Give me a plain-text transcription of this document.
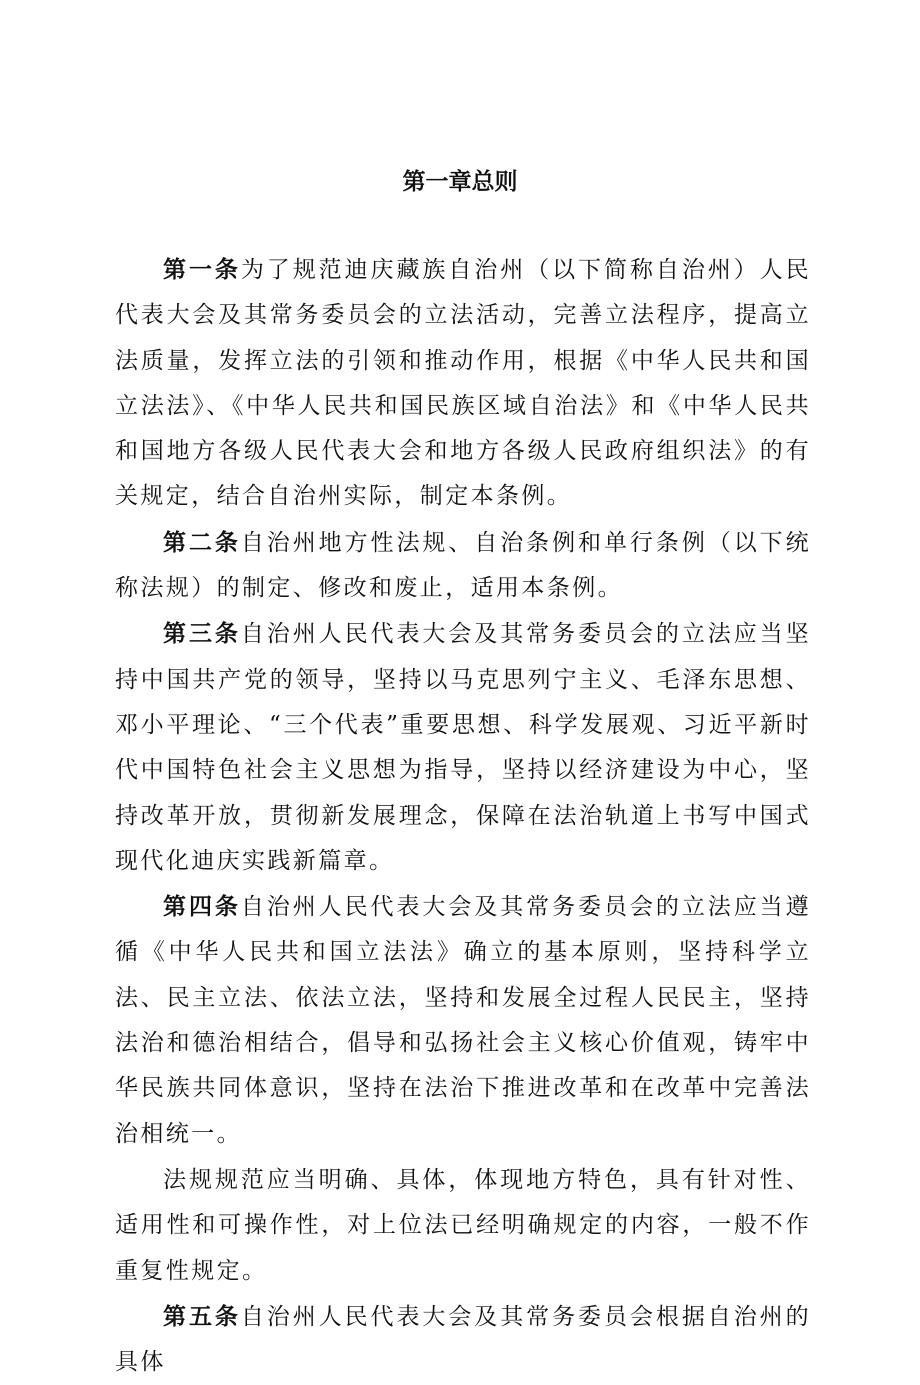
第一章总则

第一条为了规范迪庆藏族自治州（以下简称自治州）人民代表大会及其常务委员会的立法活动，完善立法程序，提高立法质量，发挥立法的引领和推动作用，根据《中华人民共和国立法法》、《中华人民共和国民族区域自治法》和《中华人民共和国地方各级人民代表大会和地方各级人民政府组织法》的有关规定，结合自治州实际，制定本条例。

第二条自治州地方性法规、自治条例和单行条例（以下统称法规）的制定、修改和废止，适用本条例。

第三条自治州人民代表大会及其常务委员会的立法应当坚持中国共产党的领导，坚持以马克思列宁主义、毛泽东思想、邓小平理论、“三个代表”重要思想、科学发展观、习近平新时代中国特色社会主义思想为指导，坚持以经济建设为中心，坚持改革开放，贯彻新发展理念，保障在法治轨道上书写中国式现代化迪庆实践新篇章。

第四条自治州人民代表大会及其常务委员会的立法应当遵循《中华人民共和国立法法》确立的基本原则，坚持科学立法、民主立法、依法立法，坚持和发展全过程人民民主，坚持法治和德治相结合，倡导和弘扬社会主义核心价值观，铸牢中华民族共同体意识，坚持在法治下推进改革和在改革中完善法治相统一。

法规规范应当明确、具体，体现地方特色，具有针对性、适用性和可操作性，对上位法已经明确规定的内容，一般不作重复性规定。

第五条自治州人民代表大会及其常务委员会根据自治州的具体
